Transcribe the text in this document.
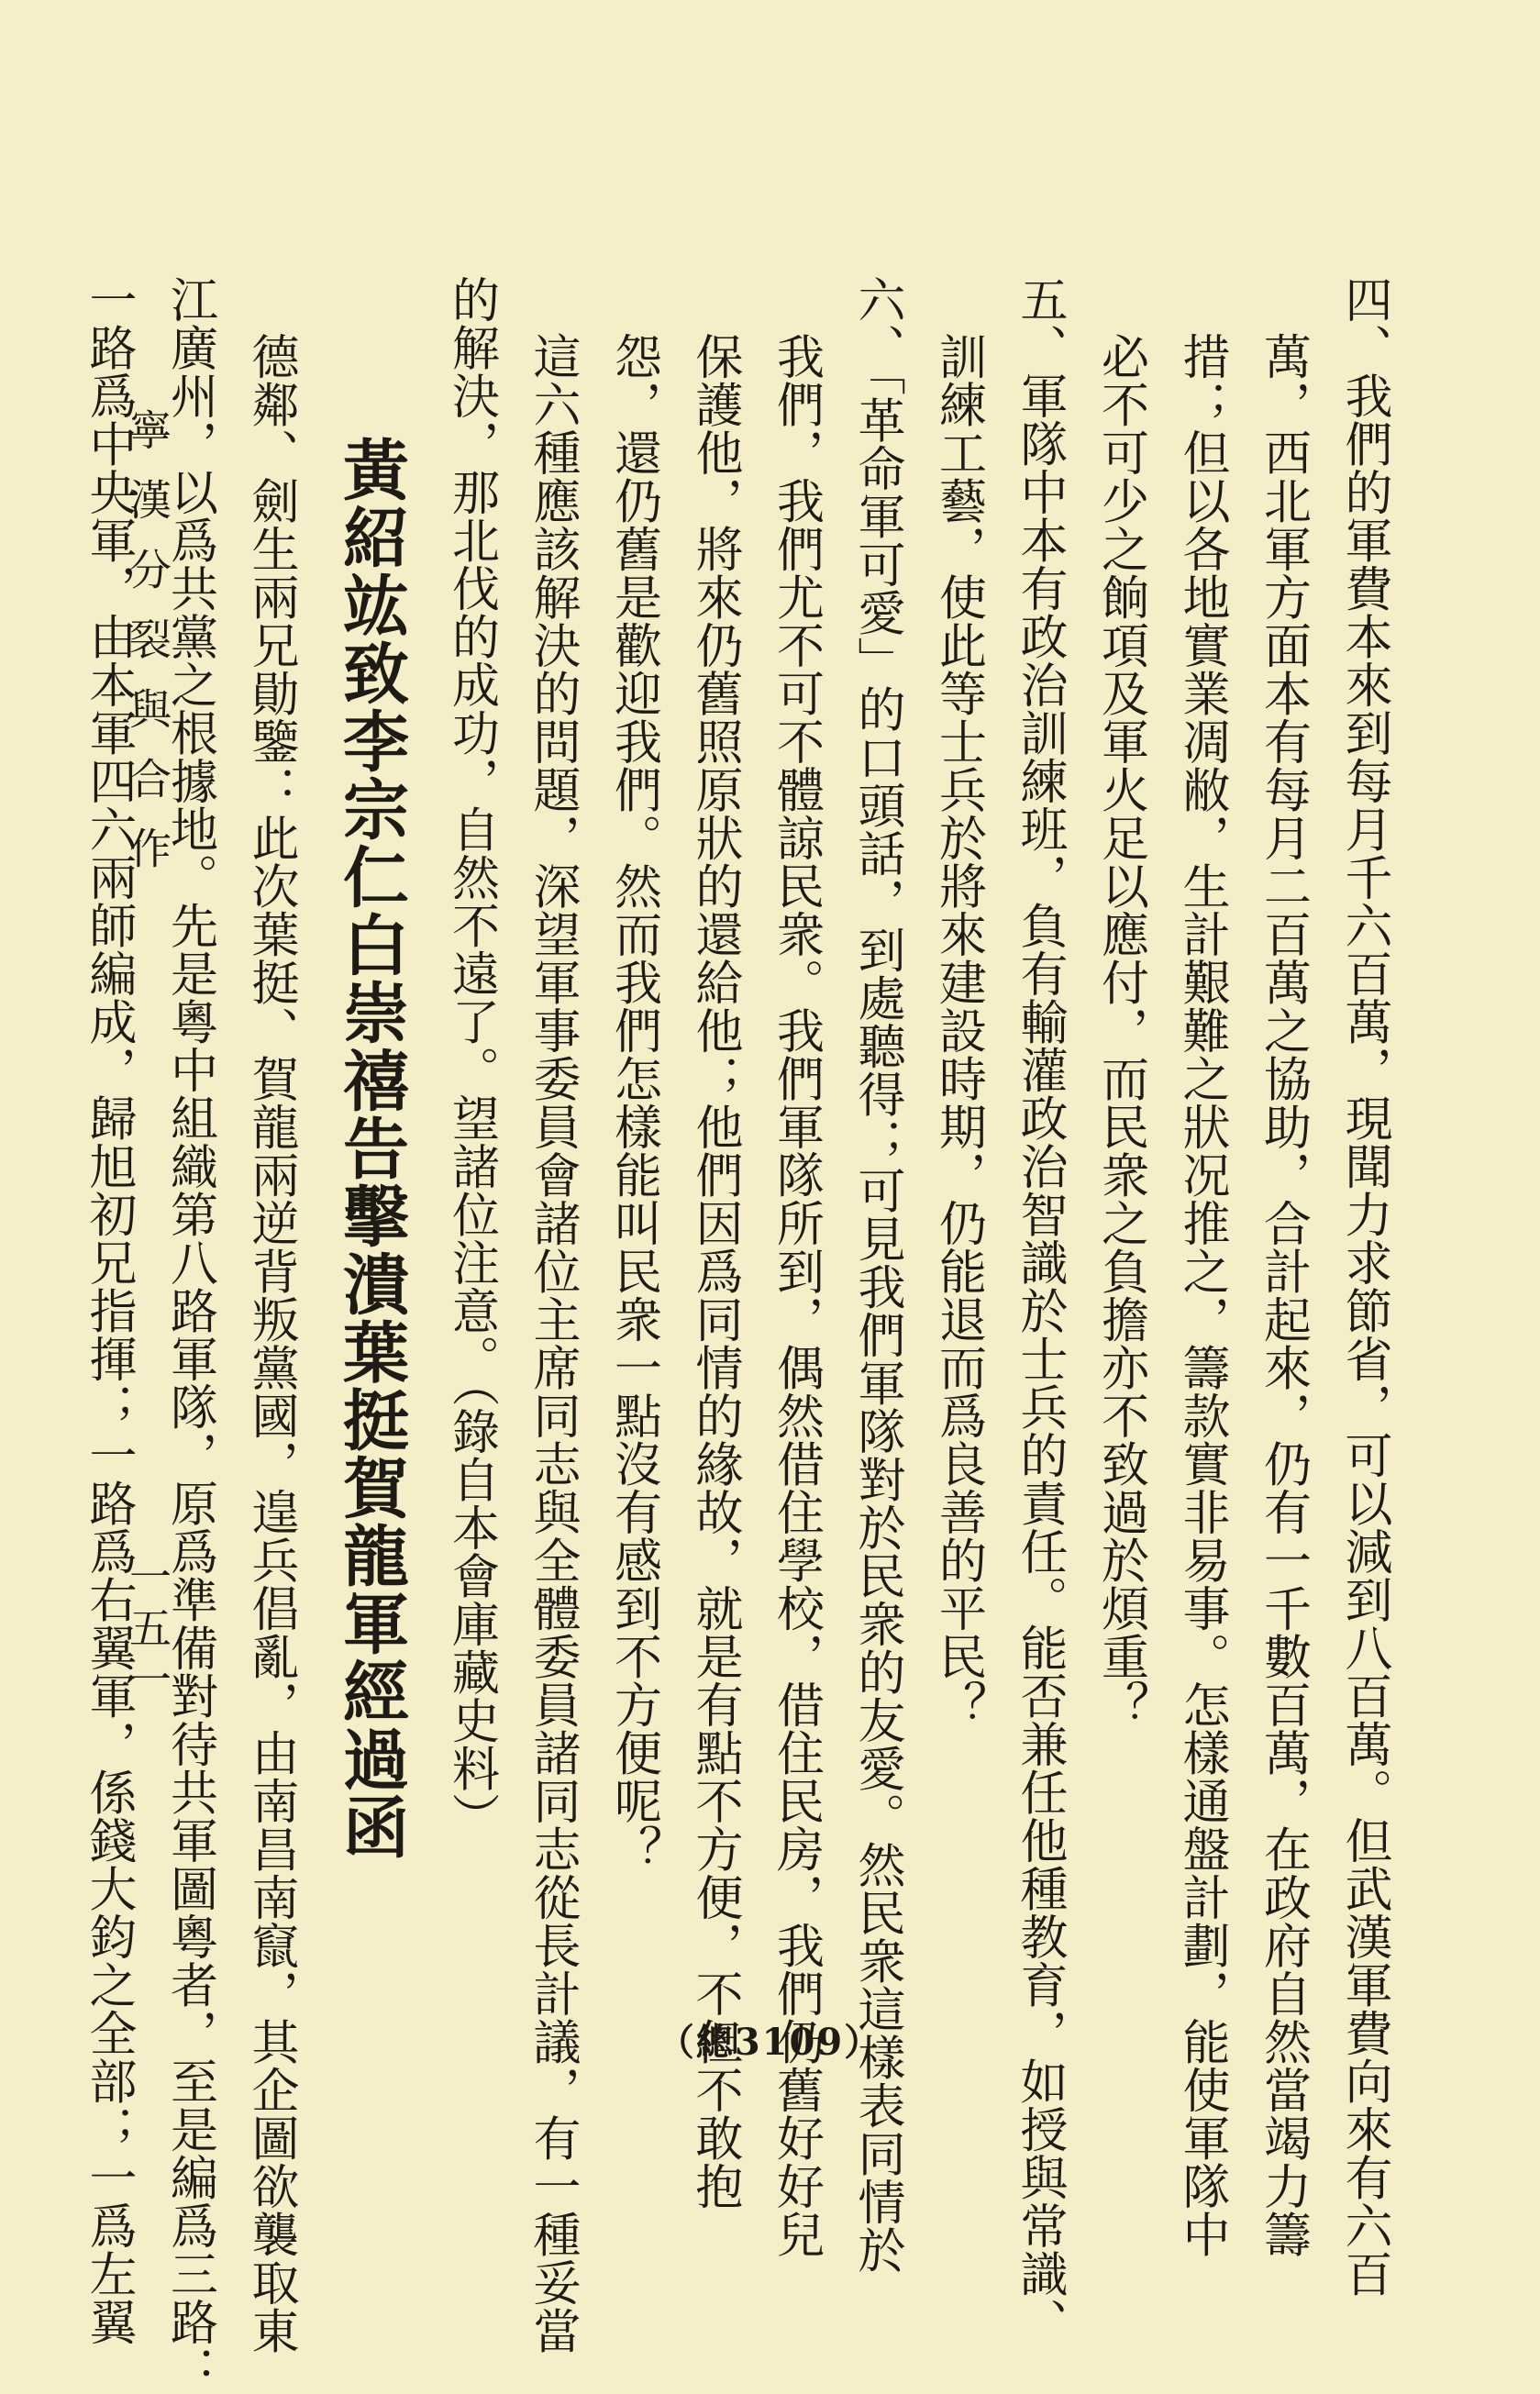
四、我們的軍費本來到每月千六百萬，現聞力求節省，可以減到八百萬。但武漢軍費向來有六百

萬，西北軍方面本有每月二百萬之協助，合計起來，仍有一千數百萬，在政府自然當竭力籌

措；但以各地實業凋敝，生計艱難之狀况推之，籌款實非易事。怎樣通盤計劃，能使軍隊中

必不可少之餉項及軍火足以應付，而民衆之負擔亦不致過於煩重？

五、軍隊中本有政治訓練班，負有輸灌政治智識於士兵的責任。能否兼任他種教育，如授與常識、

訓練工藝，使此等士兵於將來建設時期，仍能退而爲良善的平民？

六、「革命軍可愛」的口頭話，到處聽得；可見我們軍隊對於民衆的友愛。然民衆這樣表同情於

我們，我們尤不可不體諒民衆。我們軍隊所到，偶然借住學校，借住民房，我們仍舊好好兒

保護他，將來仍舊照原狀的還給他；他們因爲同情的緣故，就是有點不方便，不但不敢抱

怨，還仍舊是歡迎我們。然而我們怎樣能叫民衆一點沒有感到不方便呢？

這六種應該解決的問題，深望軍事委員會諸位主席同志與全體委員諸同志從長計議，有一種妥當

的解決，那北伐的成功，自然不遠了。望諸位注意。（錄自本會庫藏史料）

黃紹竑致李宗仁白崇禧告擊潰葉挺賀龍軍經過函

德鄰、劍生兩兄勛鑒：此次葉挺、賀龍兩逆背叛黨國，遑兵倡亂，由南昌南竄，其企圖欲襲取東

江廣州，以爲共黨之根據地。先是粵中組織第八路軍隊，原爲準備對待共軍圖粵者，至是編爲三路：

一路爲中央軍，由本軍四六兩師編成，歸旭初兄指揮；一路爲右翼軍，係錢大鈞之全部；一爲左翼

寧漢分裂與合作
一五一
（總3109）
